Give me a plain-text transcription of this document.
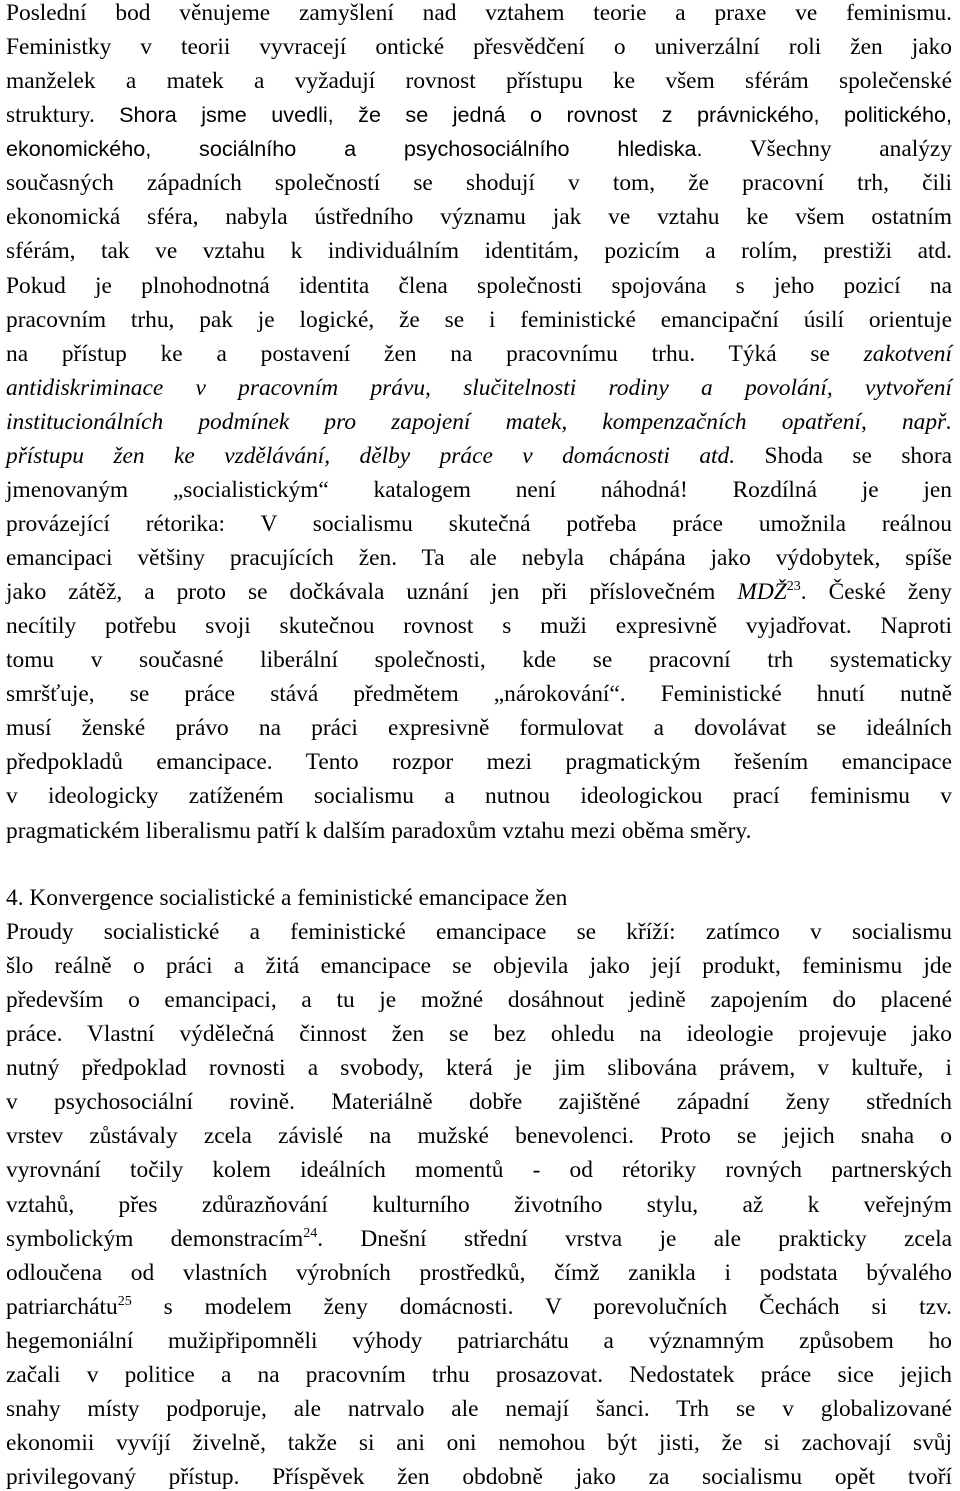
Poslední bod věnujeme zamyšlení nad vztahem teorie a praxe ve feminismu.
Feministky v teorii vyvracejí ontické přesvědčení o univerzální roli žen jako
manželek a matek a vyžadují rovnost přístupu ke všem sférám společenské
struktury. Shora jsme uvedli, že se jedná o rovnost z právnického, politického,
ekonomického, sociálního a psychosociálního hlediska. Všechny analýzy
současných západních společností se shodují v tom, že pracovní trh, čili
ekonomická sféra, nabyla ústředního významu jak ve vztahu ke všem ostatním
sférám, tak ve vztahu k individuálním identitám, pozicím a rolím, prestiži atd.
Pokud je plnohodnotná identita člena společnosti spojována s jeho pozicí na
pracovním trhu, pak je logické, že se i feministické emancipační úsilí orientuje
na přístup ke a postavení žen na pracovnímu trhu. Týká se zakotvení
antidiskriminace v pracovním právu, slučitelnosti rodiny a povolání, vytvoření
institucionálních podmínek pro zapojení matek, kompenzačních opatření, např.
přístupu žen ke vzdělávání, dělby práce v domácnosti atd. Shoda se shora
jmenovaným „socialistickým“ katalogem není náhodná! Rozdílná je jen
provázející rétorika: V socialismu skutečná potřeba práce umožnila reálnou
emancipaci většiny pracujících žen. Ta ale nebyla chápána jako výdobytek, spíše
jako zátěž, a proto se dočkávala uznání jen při příslovečném MDŽ$^{23}$. České ženy
necítily potřebu svoji skutečnou rovnost s muži expresivně vyjadřovat. Naproti
tomu v současné liberální společnosti, kde se pracovní trh systematicky
smršťuje, se práce stává předmětem „nárokování“. Feministické hnutí nutně
musí ženské právo na práci expresivně formulovat a dovolávat se ideálních
předpokladů emancipace. Tento rozpor mezi pragmatickým řešením emancipace
v ideologicky zatíženém socialismu a nutnou ideologickou prací feminismu v
pragmatickém liberalismu patří k dalším paradoxům vztahu mezi oběma směry.
4. Konvergence socialistické a feministické emancipace žen
Proudy socialistické a feministické emancipace se kříží: zatímco v socialismu
šlo reálně o práci a žitá emancipace se objevila jako její produkt, feminismu jde
především o emancipaci, a tu je možné dosáhnout jedině zapojením do placené
práce. Vlastní výdělečná činnost žen se bez ohledu na ideologie projevuje jako
nutný předpoklad rovnosti a svobody, která je jim slibována právem, v kultuře, i
v psychosociální rovině. Materiálně dobře zajištěné západní ženy středních
vrstev zůstávaly zcela závislé na mužské benevolenci. Proto se jejich snaha o
vyrovnání točily kolem ideálních momentů - od rétoriky rovných partnerských
vztahů, přes zdůrazňování kulturního životního stylu, až k veřejným
symbolickým demonstracím$^{24}$. Dnešní střední vrstva je ale prakticky zcela
odloučena od vlastních výrobních prostředků, čímž zanikla i podstata bývalého
patriarchátu$^{25}$ s modelem ženy domácnosti. V porevolučních Čechách si tzv.
hegemoniální mužipřipomněli výhody patriarchátu a významným způsobem ho
začali v politice a na pracovním trhu prosazovat. Nedostatek práce sice jejich
snahy místy podporuje, ale natrvalo ale nemají šanci. Trh se v globalizované
ekonomii vyvíjí živelně, takže si ani oni nemohou být jisti, že si zachovají svůj
privilegovaný přístup. Příspěvek žen obdobně jako za socialismu opět tvoří
